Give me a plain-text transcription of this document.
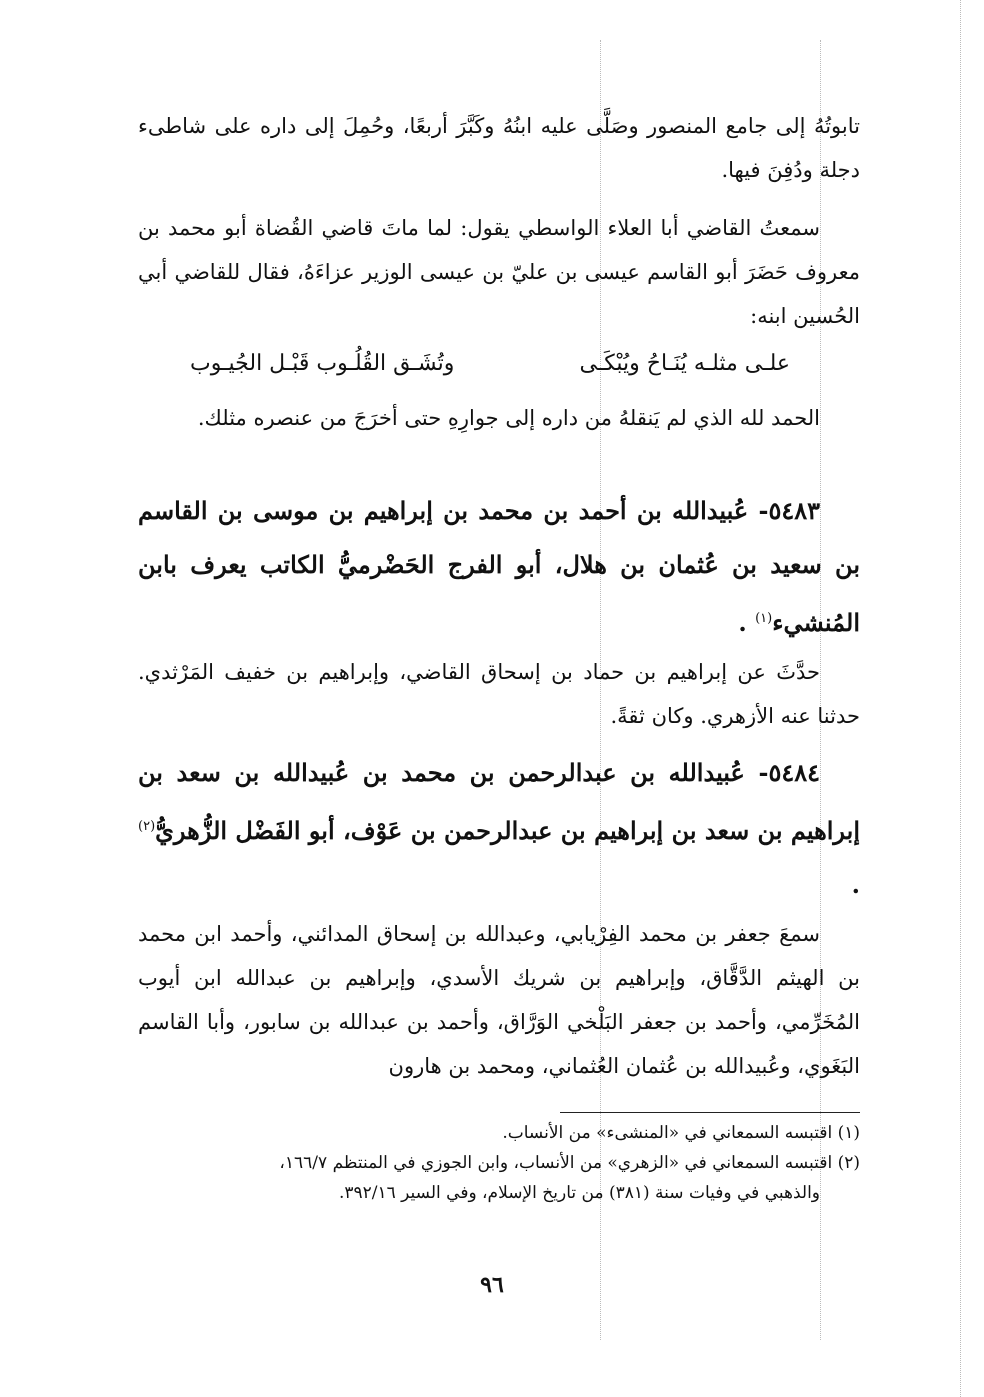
تابوتُهُ إلى جامع المنصور وصَلَّى عليه ابنُهُ وكَبَّرَ أربعًا، وحُمِلَ إلى داره على شاطىء دجلة ودُفِنَ فيها.

سمعتُ القاضي أبا العلاء الواسطي يقول: لما ماتَ قاضي القُضاة أبو محمد بن معروف حَضَرَ أبو القاسم عيسى بن عليّ بن عيسى الوزير عزاءَهُ، فقال للقاضي أبي الحُسين ابنه:

علـى مثلـه يُنَـاحُ ويُبْكَـى
وتُشَـق القُلُـوب قَبْـل الجُيـوب

الحمد لله الذي لم يَنقلهُ من داره إلى جوارِهِ حتى أخرَجَ من عنصره مثلك.

٥٤٨٣- عُبيدالله بن أحمد بن محمد بن إبراهيم بن موسى بن القاسم بن سعيد بن عُثمان بن هلال، أبو الفرج الحَضْرميُّ الكاتب يعرف بابن المُنشيء$^{(١)}$ .

حدَّثَ عن إبراهيم بن حماد بن إسحاق القاضي، وإبراهيم بن خفيف المَرْثدي. حدثنا عنه الأزهري. وكان ثقةً.

٥٤٨٤- عُبيدالله بن عبدالرحمن بن محمد بن عُبيدالله بن سعد بن إبراهيم بن سعد بن إبراهيم بن عبدالرحمن بن عَوْف، أبو الفَضْل الزُّهريُّ$^{(٢)}$ .

سمعَ جعفر بن محمد الفِرْيابي، وعبدالله بن إسحاق المدائني، وأحمد ابن محمد بن الهيثم الدَّقَّاق، وإبراهيم بن شريك الأسدي، وإبراهيم بن عبدالله ابن أيوب المُخَرِّمي، وأحمد بن جعفر البَلْخي الوَرَّاق، وأحمد بن عبدالله بن سابور، وأبا القاسم البَغَوي، وعُبيدالله بن عُثمان العُثماني، ومحمد بن هارون

(١) اقتبسه السمعاني في «المنشىء» من الأنساب.

(٢) اقتبسه السمعاني في «الزهري» من الأنساب، وابن الجوزي في المنتظم ١٦٦/٧،

والذهبي في وفيات سنة (٣٨١) من تاريخ الإسلام، وفي السير ٣٩٢/١٦.

٩٦
